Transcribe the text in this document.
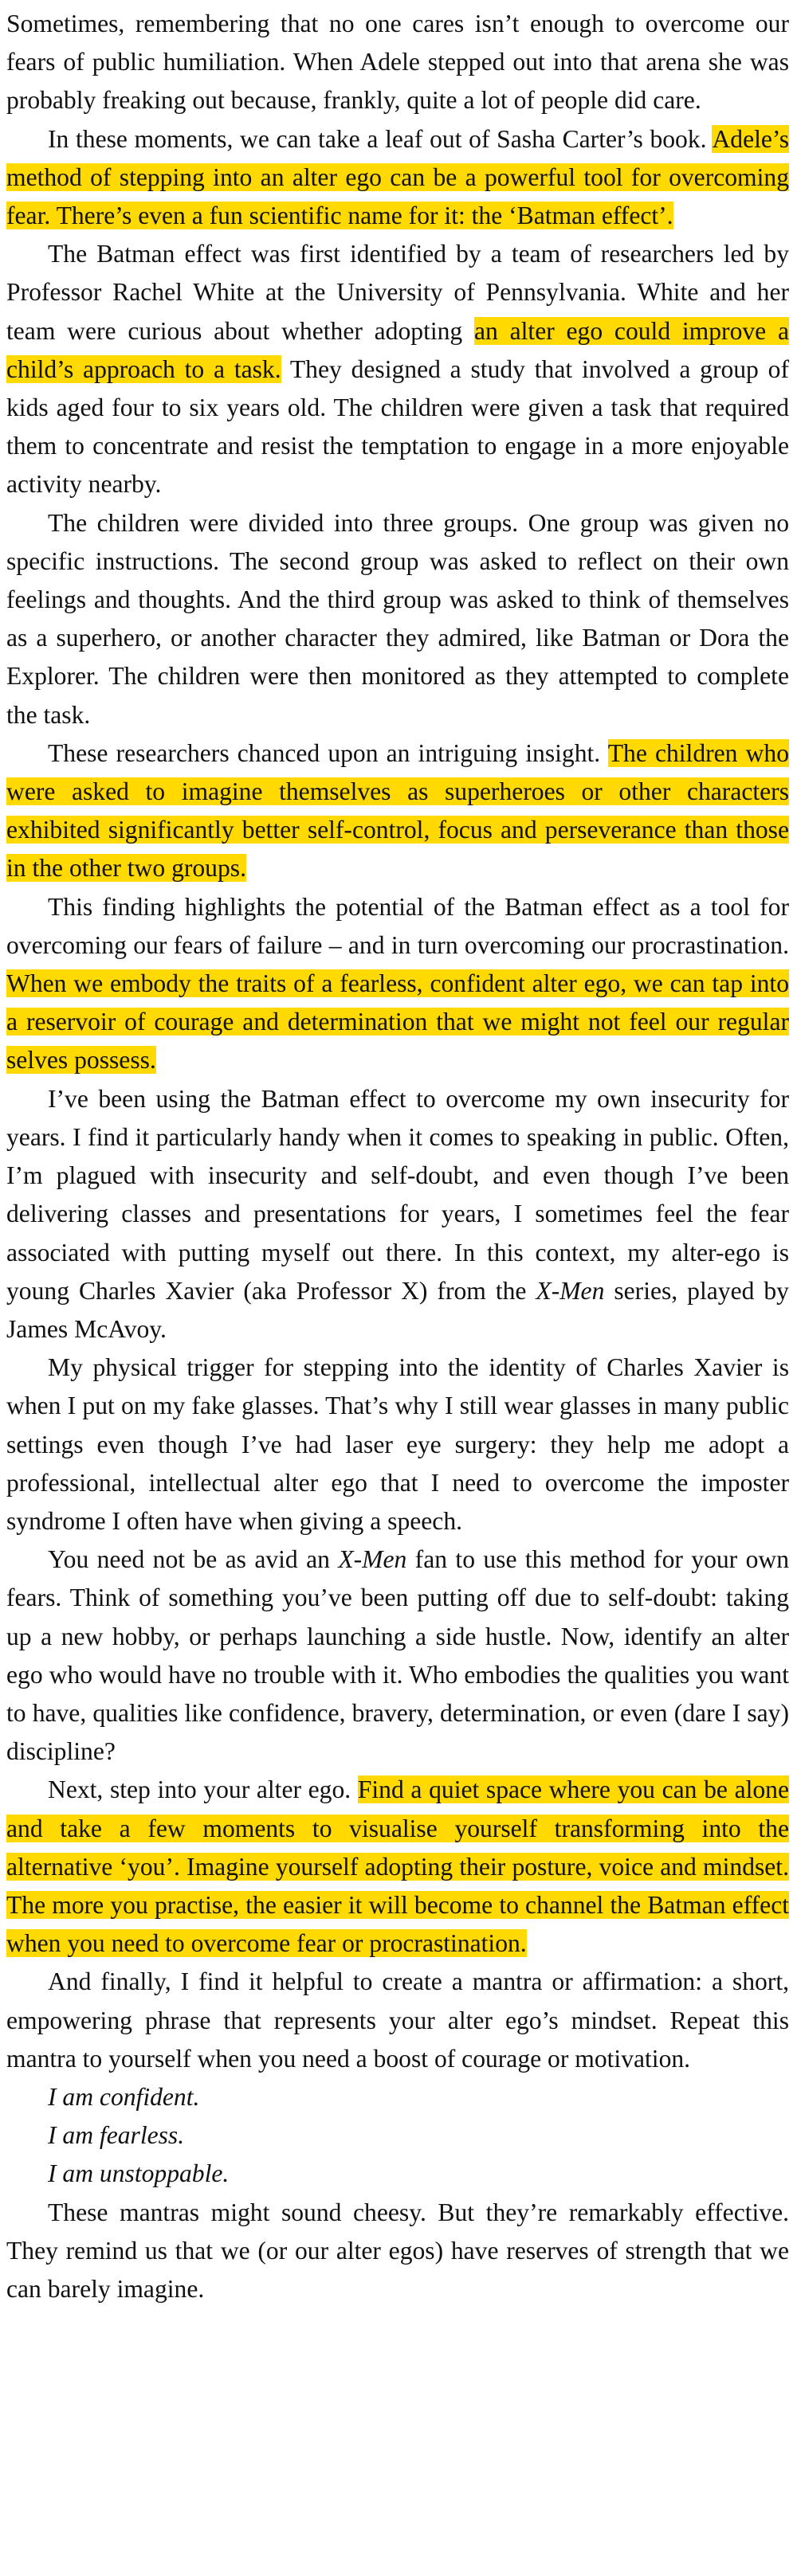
Sometimes, remembering that no one cares isn’t enough to overcome our fears of public humiliation. When Adele stepped out into that arena she was probably freaking out because, frankly, quite a lot of people did care.

In these moments, we can take a leaf out of Sasha Carter’s book. Adele’s method of stepping into an alter ego can be a powerful tool for overcoming fear. There’s even a fun scientific name for it: the ‘Batman effect’.

The Batman effect was first identified by a team of researchers led by Professor Rachel White at the University of Pennsylvania. White and her team were curious about whether adopting an alter ego could improve a child’s approach to a task. They designed a study that involved a group of kids aged four to six years old. The children were given a task that required them to concentrate and resist the temptation to engage in a more enjoyable activity nearby.

The children were divided into three groups. One group was given no specific instructions. The second group was asked to reflect on their own feelings and thoughts. And the third group was asked to think of themselves as a superhero, or another character they admired, like Batman or Dora the Explorer. The children were then monitored as they attempted to complete the task.

These researchers chanced upon an intriguing insight. The children who were asked to imagine themselves as superheroes or other characters exhibited significantly better self-control, focus and perseverance than those in the other two groups.

This finding highlights the potential of the Batman effect as a tool for overcoming our fears of failure – and in turn overcoming our procrastination. When we embody the traits of a fearless, confident alter ego, we can tap into a reservoir of courage and determination that we might not feel our regular selves possess.

I’ve been using the Batman effect to overcome my own insecurity for years. I find it particularly handy when it comes to speaking in public. Often, I’m plagued with insecurity and self-doubt, and even though I’ve been delivering classes and presentations for years, I sometimes feel the fear associated with putting myself out there. In this context, my alter-ego is young Charles Xavier (aka Professor X) from the X-Men series, played by James McAvoy.

My physical trigger for stepping into the identity of Charles Xavier is when I put on my fake glasses. That’s why I still wear glasses in many public settings even though I’ve had laser eye surgery: they help me adopt a professional, intellectual alter ego that I need to overcome the imposter syndrome I often have when giving a speech.

You need not be as avid an X-Men fan to use this method for your own fears. Think of something you’ve been putting off due to self-doubt: taking up a new hobby, or perhaps launching a side hustle. Now, identify an alter ego who would have no trouble with it. Who embodies the qualities you want to have, qualities like confidence, bravery, determination, or even (dare I say) discipline?

Next, step into your alter ego. Find a quiet space where you can be alone and take a few moments to visualise yourself transforming into the alternative ‘you’. Imagine yourself adopting their posture, voice and mindset. The more you practise, the easier it will become to channel the Batman effect when you need to overcome fear or procrastination.

And finally, I find it helpful to create a mantra or affirmation: a short, empowering phrase that represents your alter ego’s mindset. Repeat this mantra to yourself when you need a boost of courage or motivation.

I am confident.

I am fearless.

I am unstoppable.

These mantras might sound cheesy. But they’re remarkably effective. They remind us that we (or our alter egos) have reserves of strength that we can barely imagine.
